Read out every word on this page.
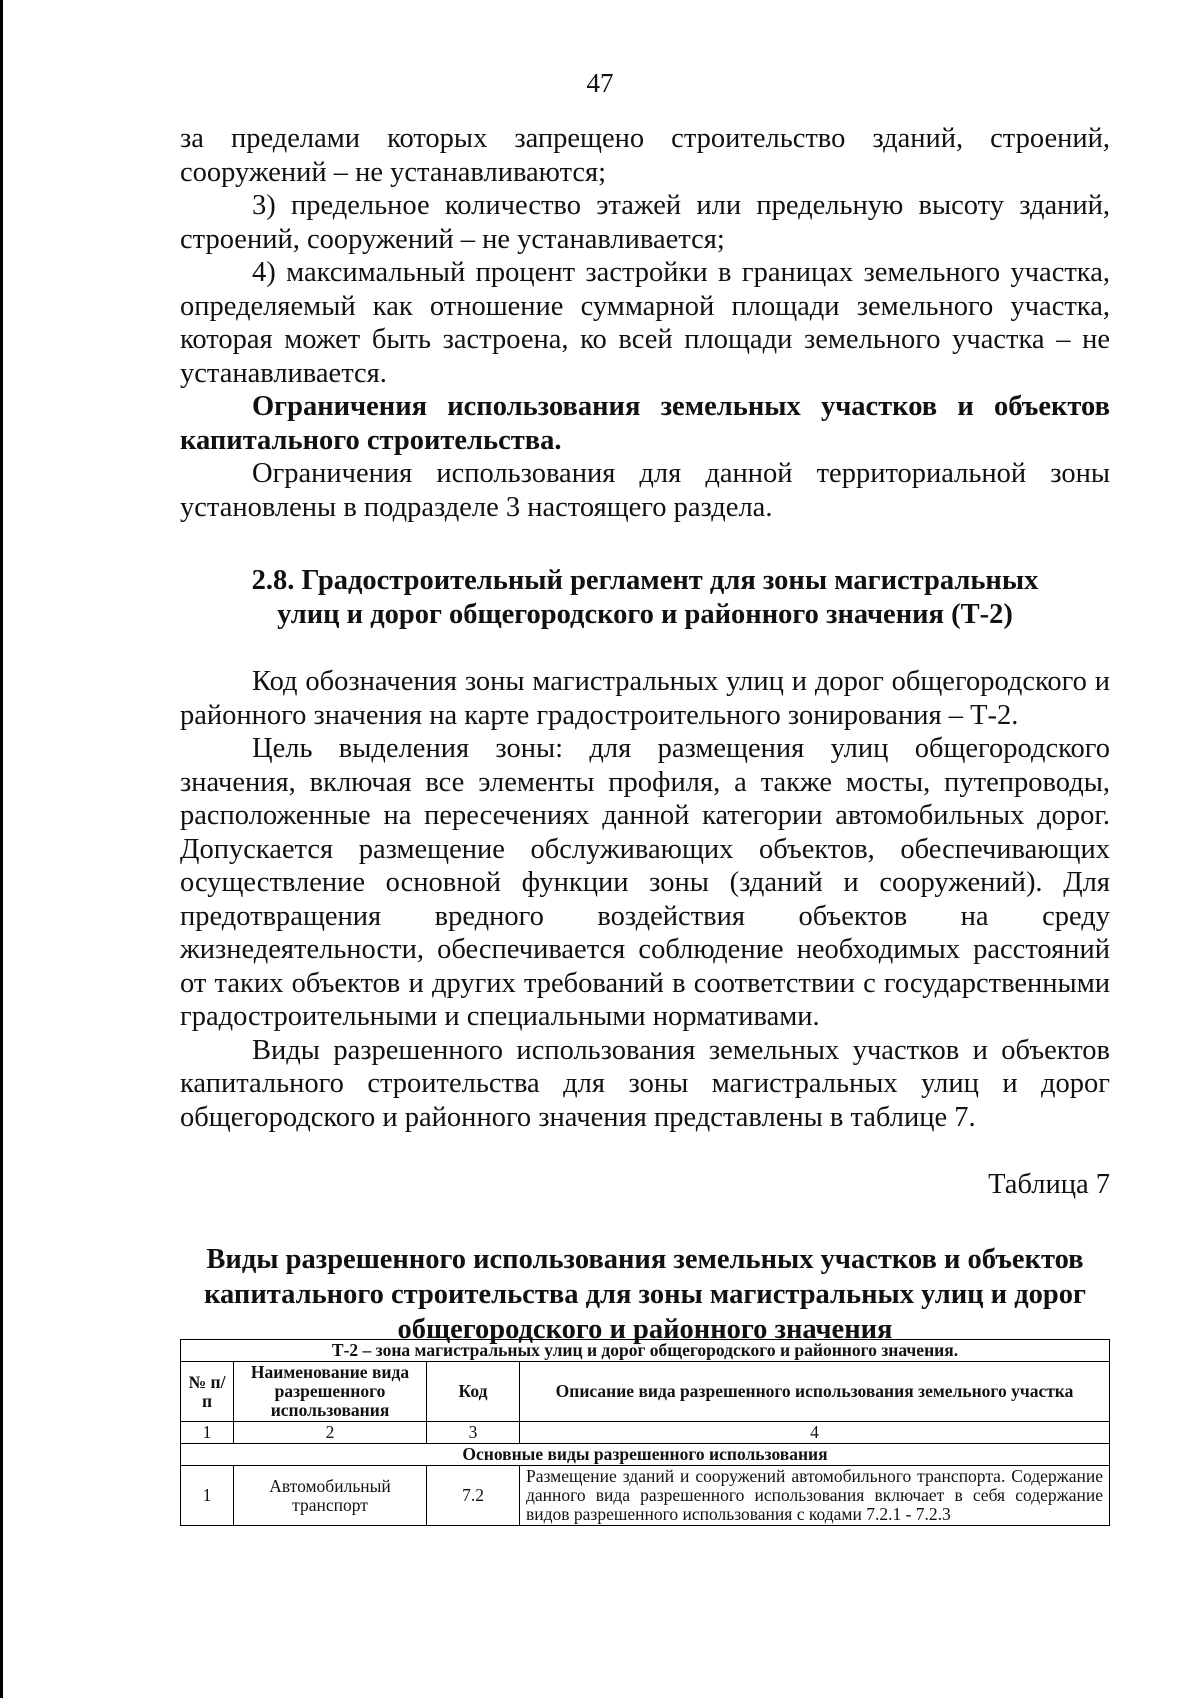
47

за пределами которых запрещено строительство зданий, строений, сооружений – не устанавливаются;

3) предельное количество этажей или предельную высоту зданий, строений, сооружений – не устанавливается;

4) максимальный процент застройки в границах земельного участка, определяемый как отношение суммарной площади земельного участка, которая может быть застроена, ко всей площади земельного участка – не устанавливается.

Ограничения использования земельных участков и объектов капитального строительства.

Ограничения использования для данной территориальной зоны установлены в подразделе 3 настоящего раздела.

2.8. Градостроительный регламент для зоны магистральных улиц и дорог общегородского и районного значения (Т-2)

Код обозначения зоны магистральных улиц и дорог общегородского и районного значения на карте градостроительного зонирования – Т-2.

Цель выделения зоны: для размещения улиц общегородского значения, включая все элементы профиля, а также мосты, путепроводы, расположенные на пересечениях данной категории автомобильных дорог. Допускается размещение обслуживающих объектов, обеспечивающих осуществление основной функции зоны (зданий и сооружений). Для предотвращения вредного воздействия объектов на среду жизнедеятельности, обеспечивается соблюдение необходимых расстояний от таких объектов и других требований в соответствии с государственными градостроительными и специальными нормативами.

Виды разрешенного использования земельных участков и объектов капитального строительства для зоны магистральных улиц и дорог общегородского и районного значения представлены в таблице 7.

Таблица 7

Виды разрешенного использования земельных участков и объектов капитального строительства для зоны магистральных улиц и дорог общегородского и районного значения

Т-2 – зона магистральных улиц и дорог общегородского и районного значения.			
№ п/п	Наименование вида разрешенного использования	Код	Описание вида разрешенного использования земельного участка
1	2	3	4
Основные виды разрешенного использования			
1	Автомобильный транспорт	7.2	Размещение зданий и сооружений автомобильного транспорта. Содержание данного вида разрешенного использования включает в себя содержание видов разрешенного использования с кодами 7.2.1 - 7.2.3
